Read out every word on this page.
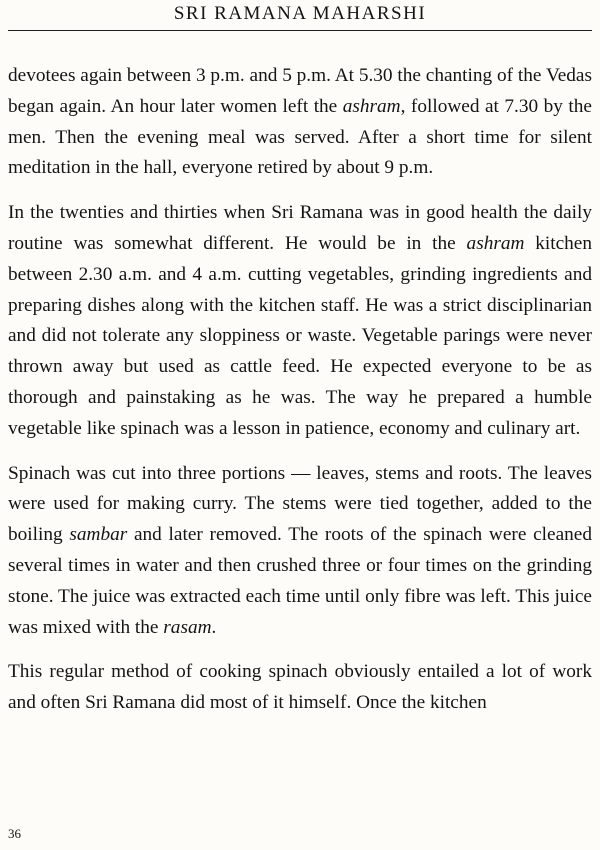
SRI RAMANA MAHARSHI

devotees again between 3 p.m. and 5 p.m. At 5.30 the chanting of the Vedas began again. An hour later women left the ashram, followed at 7.30 by the men. Then the evening meal was served. After a short time for silent meditation in the hall, everyone retired by about 9 p.m.

In the twenties and thirties when Sri Ramana was in good health the daily routine was somewhat different. He would be in the ashram kitchen between 2.30 a.m. and 4 a.m. cutting vegetables, grinding ingredients and preparing dishes along with the kitchen staff. He was a strict disciplinarian and did not tolerate any sloppiness or waste. Vegetable parings were never thrown away but used as cattle feed. He expected everyone to be as thorough and painstaking as he was. The way he prepared a humble vegetable like spinach was a lesson in patience, economy and culinary art.

Spinach was cut into three portions — leaves, stems and roots. The leaves were used for making curry. The stems were tied together, added to the boiling sambar and later removed. The roots of the spinach were cleaned several times in water and then crushed three or four times on the grinding stone. The juice was extracted each time until only fibre was left. This juice was mixed with the rasam.

This regular method of cooking spinach obviously entailed a lot of work and often Sri Ramana did most of it himself. Once the kitchen

36
